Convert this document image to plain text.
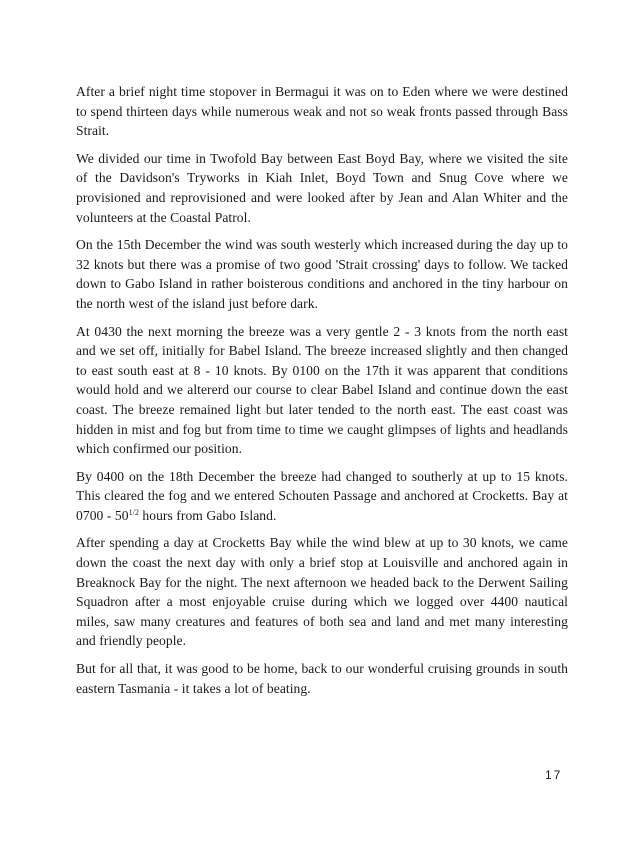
After a brief night time stopover in Bermagui it was on to Eden where we were destined to spend thirteen days while numerous weak and not so weak fronts passed through Bass Strait.

We divided our time in Twofold Bay between East Boyd Bay, where we visited the site of the Davidson's Tryworks in Kiah Inlet, Boyd Town and Snug Cove where we provisioned and reprovisioned and were looked after by Jean and Alan Whiter and the volunteers at the Coastal Patrol.

On the 15th December the wind was south westerly which increased during the day up to 32 knots but there was a promise of two good 'Strait crossing' days to follow. We tacked down to Gabo Island in rather boisterous conditions and anchored in the tiny harbour on the north west of the island just before dark.

At 0430 the next morning the breeze was a very gentle 2 - 3 knots from the north east and we set off, initially for Babel Island. The breeze increased slightly and then changed to east south east at 8 - 10 knots. By 0100 on the 17th it was apparent that conditions would hold and we altererd our course to clear Babel Island and continue down the east coast. The breeze remained light but later tended to the north east. The east coast was hidden in mist and fog but from time to time we caught glimpses of lights and headlands which confirmed our position.

By 0400 on the 18th December the breeze had changed to southerly at up to 15 knots. This cleared the fog and we entered Schouten Passage and anchored at Crocketts. Bay at $0700 - 50^{1/2}$ hours from Gabo Island.

After spending a day at Crocketts Bay while the wind blew at up to 30 knots, we came down the coast the next day with only a brief stop at Louisville and anchored again in Breaknock Bay for the night. The next afternoon we headed back to the Derwent Sailing Squadron after a most enjoyable cruise during which we logged over 4400 nautical miles, saw many creatures and features of both sea and land and met many interesting and friendly people.

But for all that, it was good to be home, back to our wonderful cruising grounds in south eastern Tasmania - it takes a lot of beating.

17
